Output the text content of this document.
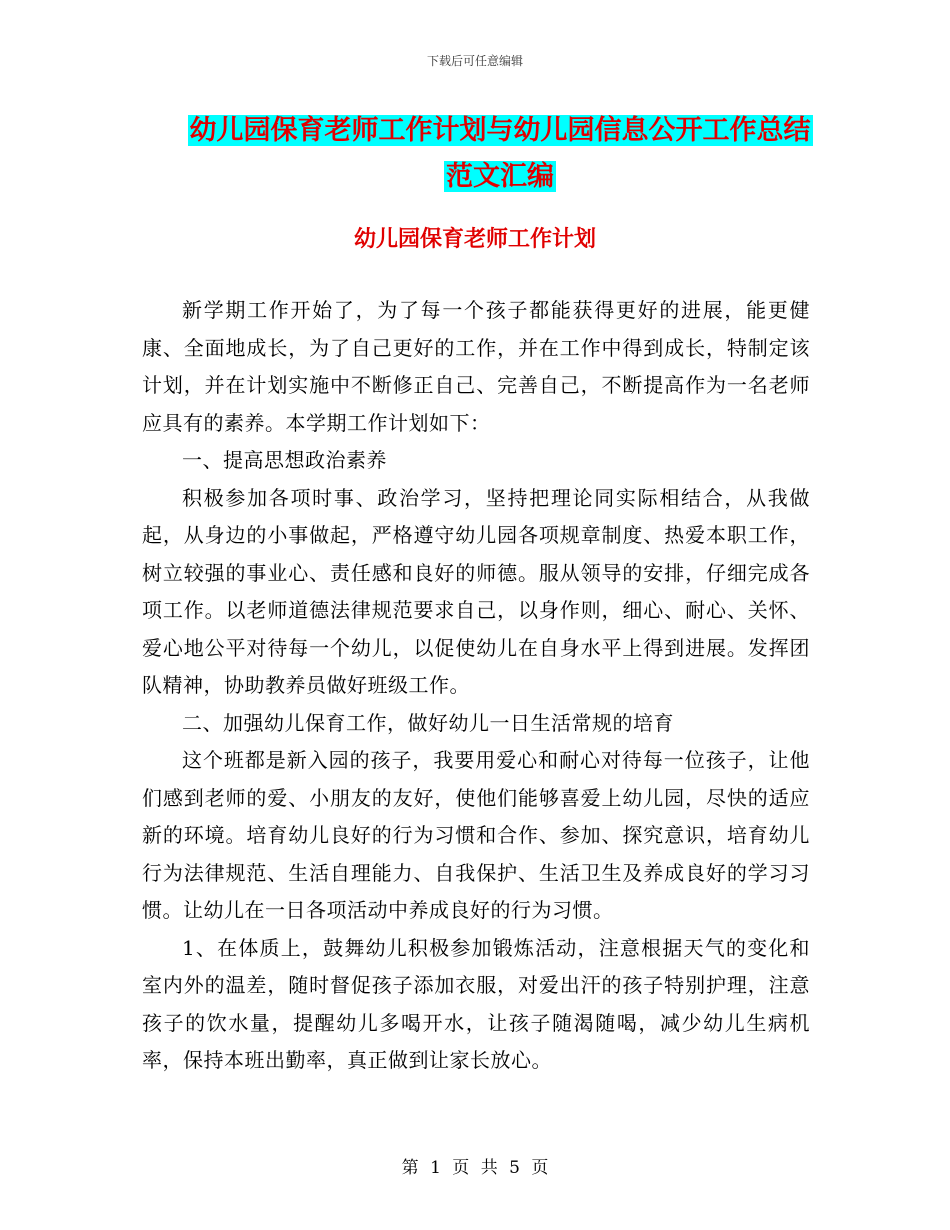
下载后可任意编辑
幼儿园保育老师工作计划与幼儿园信息公开工作总结
范文汇编
幼儿园保育老师工作计划

新学期工作开始了，为了每一个孩子都能获得更好的进展，能更健康、全面地成长，为了自己更好的工作，并在工作中得到成长，特制定该计划，并在计划实施中不断修正自己、完善自己，不断提高作为一名老师应具有的素养。本学期工作计划如下：

一、提高思想政治素养

积极参加各项时事、政治学习，坚持把理论同实际相结合，从我做起，从身边的小事做起，严格遵守幼儿园各项规章制度、热爱本职工作，树立较强的事业心、责任感和良好的师德。服从领导的安排，仔细完成各项工作。以老师道德法律规范要求自己，以身作则，细心、耐心、关怀、爱心地公平对待每一个幼儿，以促使幼儿在自身水平上得到进展。发挥团队精神，协助教养员做好班级工作。

二、加强幼儿保育工作，做好幼儿一日生活常规的培育

这个班都是新入园的孩子，我要用爱心和耐心对待每一位孩子，让他们感到老师的爱、小朋友的友好，使他们能够喜爱上幼儿园，尽快的适应新的环境。培育幼儿良好的行为习惯和合作、参加、探究意识，培育幼儿行为法律规范、生活自理能力、自我保护、生活卫生及养成良好的学习习惯。让幼儿在一日各项活动中养成良好的行为习惯。

1、在体质上，鼓舞幼儿积极参加锻炼活动，注意根据天气的变化和室内外的温差，随时督促孩子添加衣服，对爱出汗的孩子特别护理，注意孩子的饮水量，提醒幼儿多喝开水，让孩子随渴随喝，减少幼儿生病机率，保持本班出勤率，真正做到让家长放心。

第 1 页 共 5 页
